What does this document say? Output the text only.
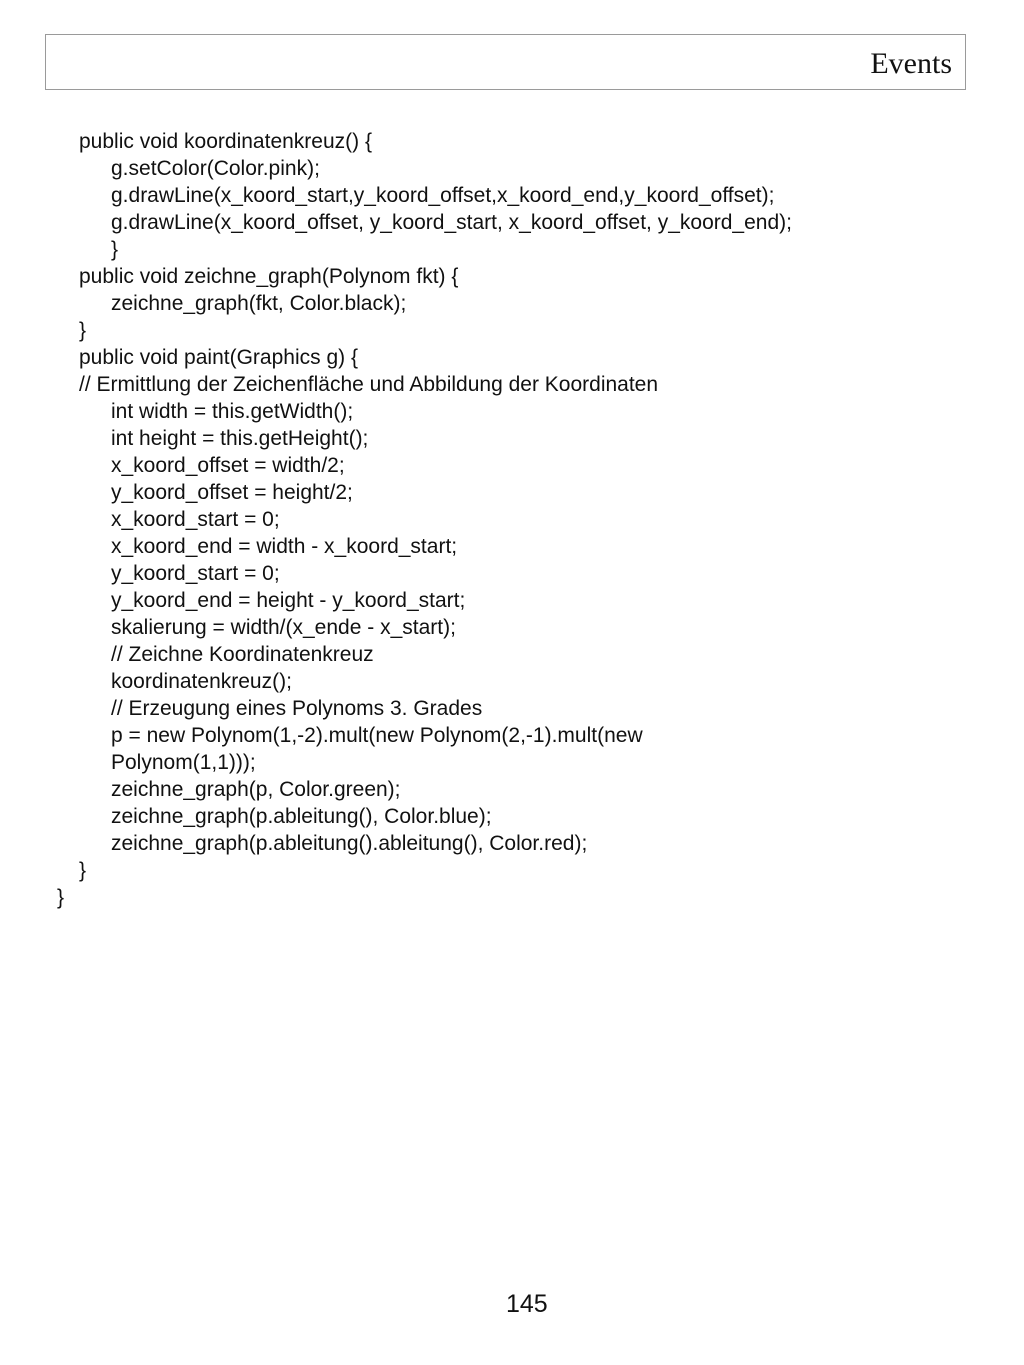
Events
public void koordinatenkreuz() {
g.setColor(Color.pink);
g.drawLine(x_koord_start,y_koord_offset,x_koord_end,y_koord_offset);
g.drawLine(x_koord_offset, y_koord_start, x_koord_offset, y_koord_end);
}
public void zeichne_graph(Polynom fkt) {
zeichne_graph(fkt, Color.black);
}
public void paint(Graphics g) {
// Ermittlung der Zeichenfläche und Abbildung der Koordinaten
int width = this.getWidth();
int height = this.getHeight();
x_koord_offset = width/2;
y_koord_offset = height/2;
x_koord_start = 0;
x_koord_end = width - x_koord_start;
y_koord_start = 0;
y_koord_end = height - y_koord_start;
skalierung = width/(x_ende - x_start);
// Zeichne Koordinatenkreuz
koordinatenkreuz();
// Erzeugung eines Polynoms 3. Grades
p = new Polynom(1,-2).mult(new Polynom(2,-1).mult(new
Polynom(1,1)));
zeichne_graph(p, Color.green);
zeichne_graph(p.ableitung(), Color.blue);
zeichne_graph(p.ableitung().ableitung(), Color.red);
}
}
145
